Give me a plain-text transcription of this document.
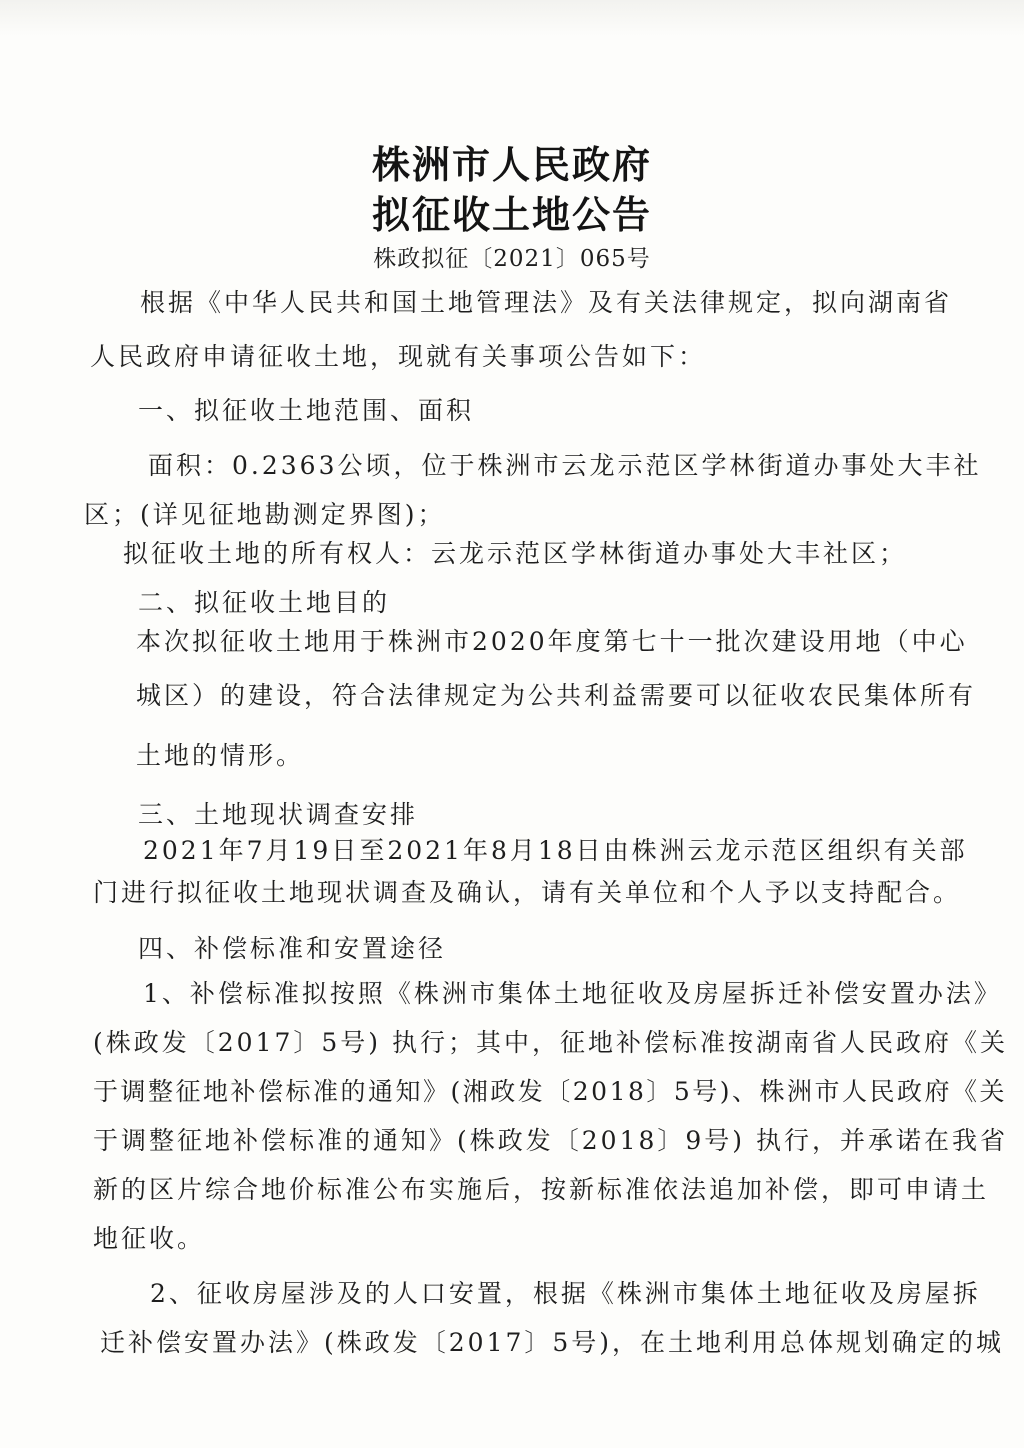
株洲市人民政府
拟征收土地公告
株政拟征〔2021〕065号
根据《中华人民共和国土地管理法》及有关法律规定，拟向湖南省
人民政府申请征收土地，现就有关事项公告如下：
一、拟征收土地范围、面积
面积：0.2363公顷，位于株洲市云龙示范区学林街道办事处大丰社
区；(详见征地勘测定界图)；
拟征收土地的所有权人：云龙示范区学林街道办事处大丰社区；
二、拟征收土地目的
本次拟征收土地用于株洲市2020年度第七十一批次建设用地（中心
城区）的建设，符合法律规定为公共利益需要可以征收农民集体所有
土地的情形。
三、土地现状调查安排
2021年7月19日至2021年8月18日由株洲云龙示范区组织有关部
门进行拟征收土地现状调查及确认，请有关单位和个人予以支持配合。
四、补偿标准和安置途径
1、补偿标准拟按照《株洲市集体土地征收及房屋拆迁补偿安置办法》
(株政发〔2017〕5号) 执行；其中，征地补偿标准按湖南省人民政府《关
于调整征地补偿标准的通知》(湘政发〔2018〕5号)、株洲市人民政府《关
于调整征地补偿标准的通知》(株政发〔2018〕9号) 执行，并承诺在我省
新的区片综合地价标准公布实施后，按新标准依法追加补偿，即可申请土
地征收。
2、征收房屋涉及的人口安置，根据《株洲市集体土地征收及房屋拆
迁补偿安置办法》(株政发〔2017〕5号)，在土地利用总体规划确定的城
